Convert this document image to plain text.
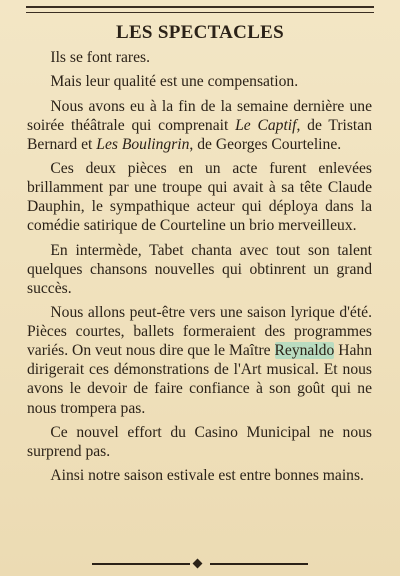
LES SPECTACLES

Ils se font rares.

Mais leur qualité est une compensation.

Nous avons eu à la fin de la semaine dernière une soirée théâtrale qui comprenait Le Captif, de Tristan Bernard et Les Boulingrin, de Georges Courteline.

Ces deux pièces en un acte furent enlevées brillamment par une troupe qui avait à sa tête Claude Dauphin, le sympathique acteur qui déploya dans la comédie satirique de Courteline un brio merveilleux.

En intermède, Tabet chanta avec tout son talent quelques chansons nouvelles qui obtinrent un grand succès.

Nous allons peut-être vers une saison lyrique d'été. Pièces courtes, ballets formeraient des programmes variés. On veut nous dire que le Maître Reynaldo Hahn dirigerait ces démonstrations de l'Art musical. Et nous avons le devoir de faire confiance à son goût qui ne nous trompera pas.

Ce nouvel effort du Casino Municipal ne nous surprend pas.

Ainsi notre saison estivale est entre bonnes mains.
